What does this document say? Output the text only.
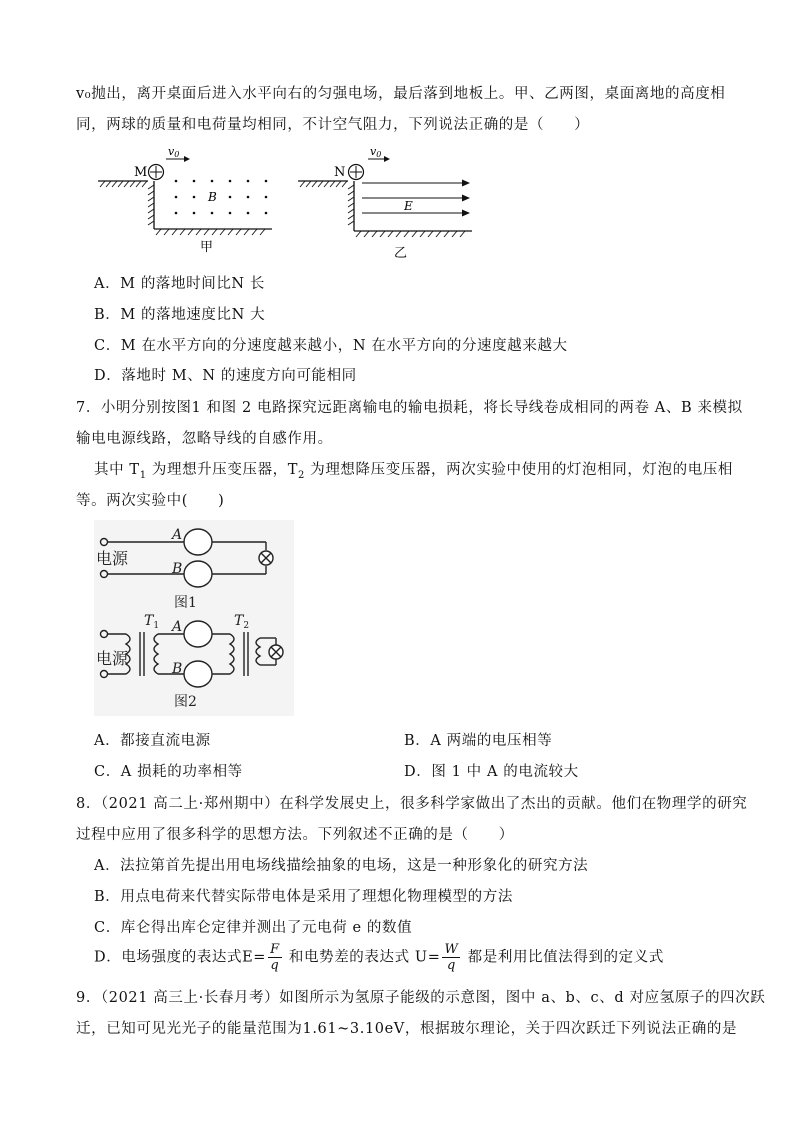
v₀抛出，离开桌面后进入水平向右的匀强电场，最后落到地板上。甲、乙两图，桌面离地的高度相
同，两球的质量和电荷量均相同，不计空气阻力，下列说法正确的是（　　）
M
v0
B
甲
N
v0
E
乙
A．M 的落地时间比N 长
B．M 的落地速度比N 大
C．M 在水平方向的分速度越来越小，N 在水平方向的分速度越来越大
D．落地时 M、N 的速度方向可能相同
7．小明分别按图1 和图 2 电路探究远距离输电的输电损耗，将长导线卷成相同的两卷 A、B 来模拟
输电电源线路，忽略导线的自感作用。
其中 $T_1$ 为理想升压变压器，$T_2$ 为理想降压变压器，两次实验中使用的灯泡相同，灯泡的电压相
等。两次实验中(　　)
电源
A
B
图1
电源
$T_1$	$T_2$
A
B
图2
A．都接直流电源	B．A 两端的电压相等
C．A 损耗的功率相等	D．图 1 中 A 的电流较大
8．（2021 高二上·郑州期中）在科学发展史上，很多科学家做出了杰出的贡献。他们在物理学的研究
过程中应用了很多科学的思想方法。下列叙述不正确的是（　　）
A．法拉第首先提出用电场线描绘抽象的电场，这是一种形象化的研究方法
B．用点电荷来代替实际带电体是采用了理想化物理模型的方法
C．库仑得出库仑定律并测出了元电荷 e 的数值
D．电场强度的表达式$E= \frac{F}{q}$ 和电势差的表达式 $U= \frac{W}{q}$ 都是利用比值法得到的定义式
9．（2021 高三上·长春月考）如图所示为氢原子能级的示意图，图中 a、b、c、d 对应氢原子的四次跃
迁，已知可见光光子的能量范围为1.61~3.10eV，根据玻尔理论，关于四次跃迁下列说法正确的是
